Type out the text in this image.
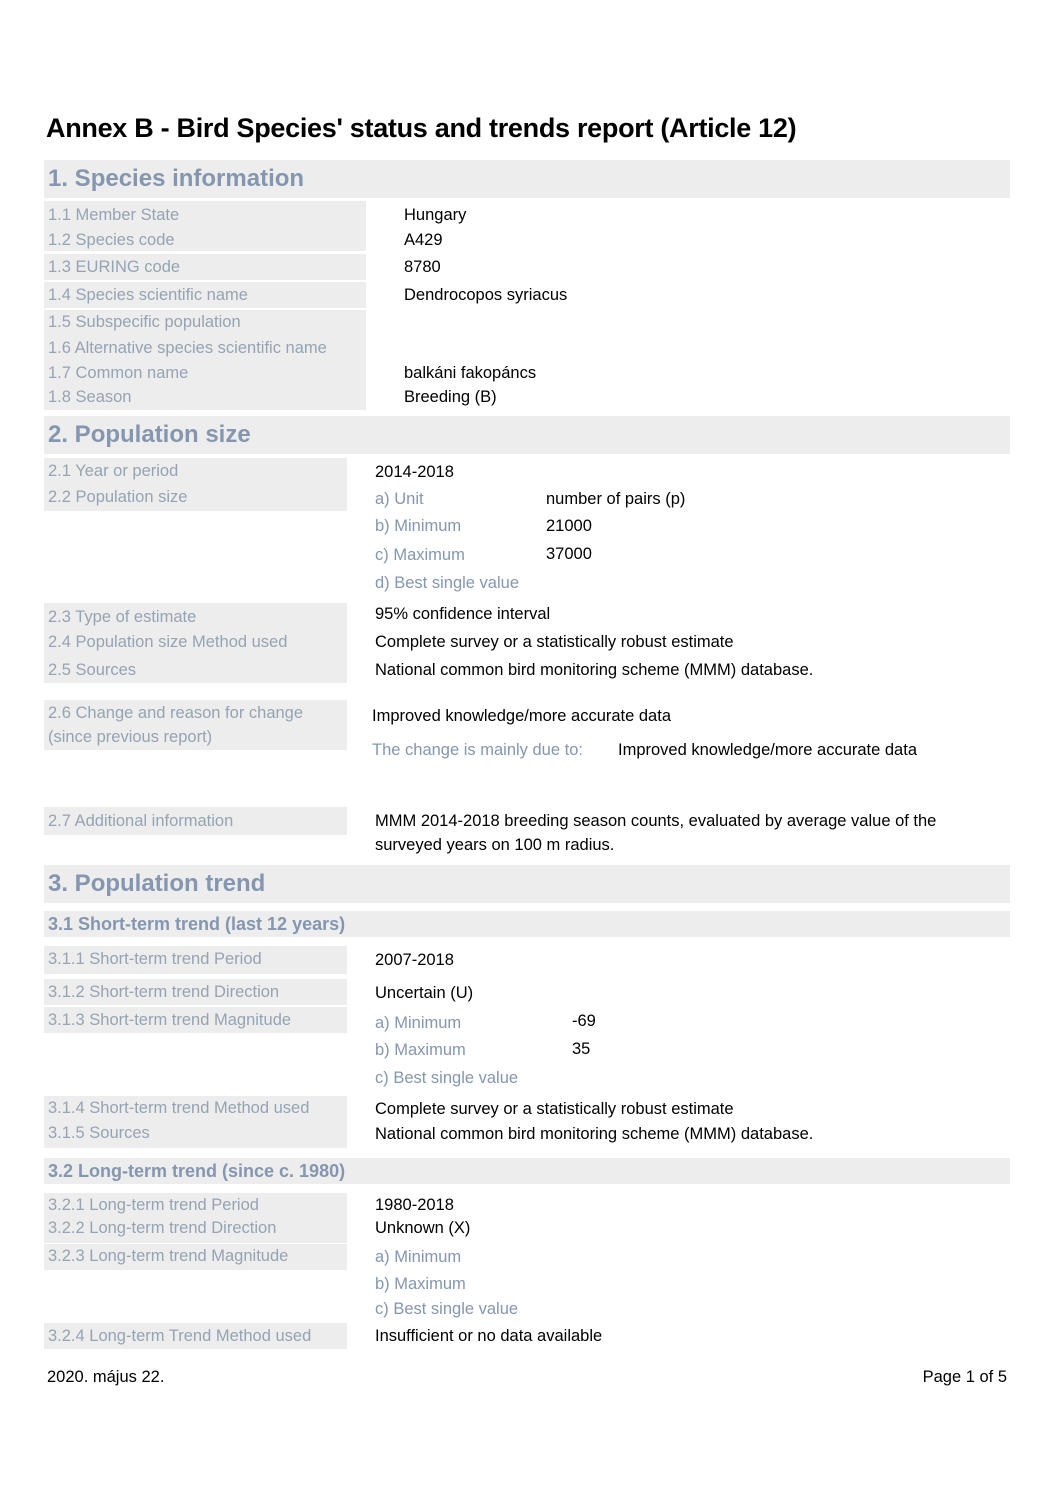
Annex B - Bird Species' status and trends report (Article 12)
1. Species information
1.1 Member State	Hungary
1.2 Species code	A429
1.3 EURING code	8780
1.4 Species scientific name	Dendrocopos syriacus
1.5 Subspecific population
1.6 Alternative species scientific name
1.7 Common name	balkáni fakopáncs
1.8 Season	Breeding (B)
2. Population size
2.1 Year or period	2014-2018
2.2 Population size	a) Unit	number of pairs (p)
b) Minimum	21000
c) Maximum	37000
d) Best single value
2.3 Type of estimate	95% confidence interval
2.4 Population size Method used	Complete survey or a statistically robust estimate
2.5 Sources	National common bird monitoring scheme (MMM) database.
2.6 Change and reason for change
(since previous report)
Improved knowledge/more accurate data
The change is mainly due to: Improved knowledge/more accurate data
2.7 Additional information	MMM 2014-2018 breeding season counts, evaluated by average value of the
surveyed years on 100 m radius.
3. Population trend
3.1 Short-term trend (last 12 years)
3.1.1 Short-term trend Period	2007-2018
3.1.2 Short-term trend Direction	Uncertain (U)
3.1.3 Short-term trend Magnitude	a) Minimum	-69
b) Maximum	35
c) Best single value
3.1.4 Short-term trend Method used	Complete survey or a statistically robust estimate
3.1.5 Sources	National common bird monitoring scheme (MMM) database.
3.2 Long-term trend (since c. 1980)
3.2.1 Long-term trend Period	1980-2018
3.2.2 Long-term trend Direction	Unknown (X)
3.2.3 Long-term trend Magnitude	a) Minimum
b) Maximum
c) Best single value
3.2.4 Long-term Trend Method used	Insufficient or no data available
2020. május 22.	Page 1 of 5
